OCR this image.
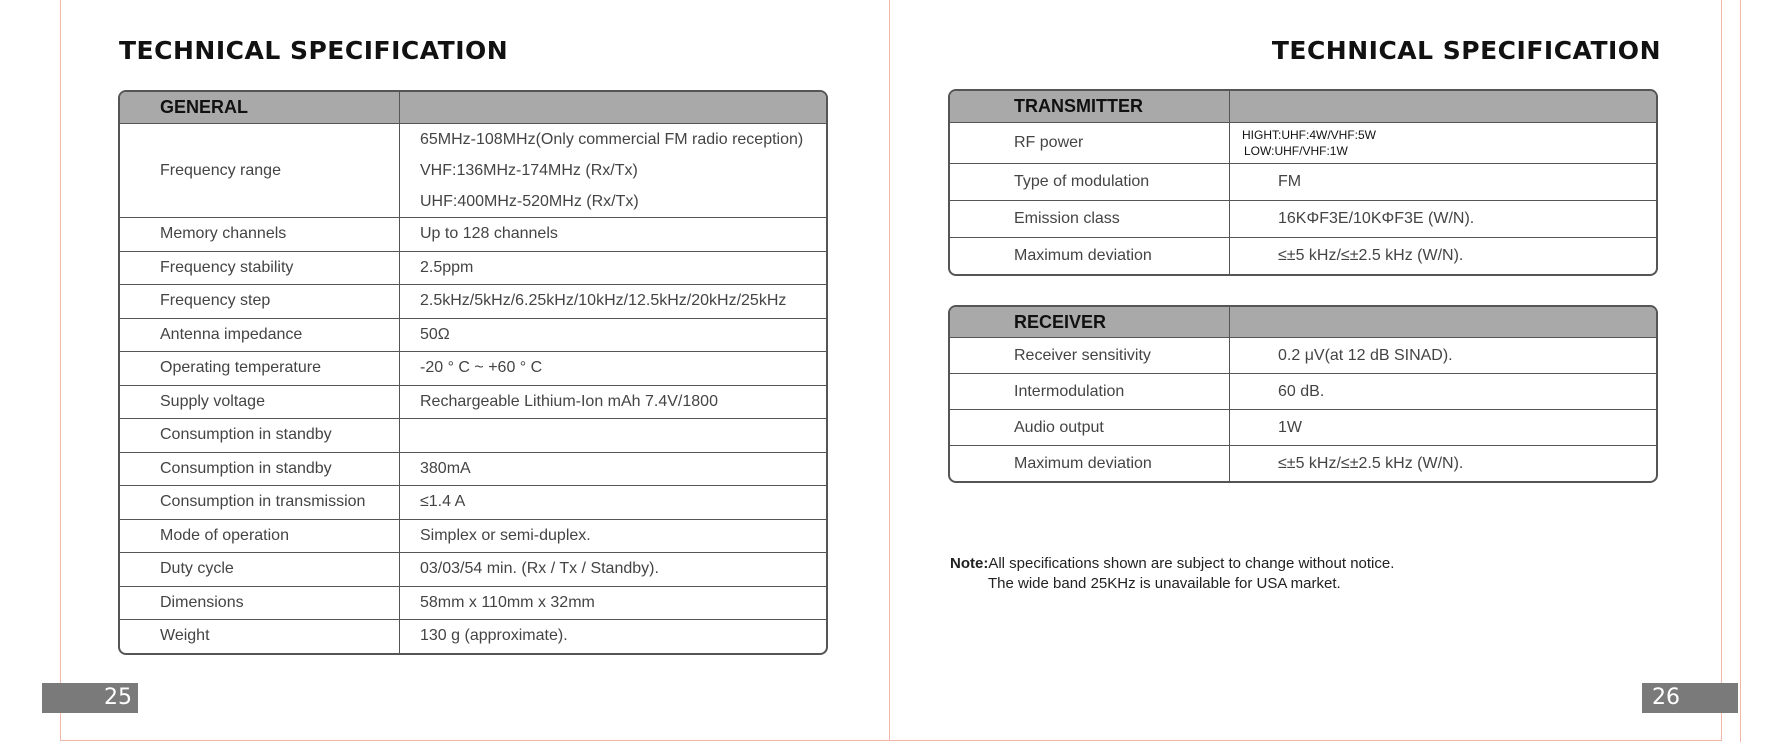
TECHNICAL SPECIFICATION
GENERAL	
Frequency range	65MHz-108MHz(Only commercial FM radio reception)
VHF:136MHz-174MHz (Rx/Tx)
UHF:400MHz-520MHz (Rx/Tx)

Memory channels	Up to 128 channels
Frequency stability	2.5ppm
Frequency step	2.5kHz/5kHz/6.25kHz/10kHz/12.5kHz/20kHz/25kHz
Antenna impedance	50Ω
Operating temperature	-20 ° C ~ +60 ° C
Supply voltage	Rechargeable Lithium-Ion mAh 7.4V/1800
Consumption in standby	
Consumption in standby	380mA
Consumption in transmission	≤1.4 A
Mode of operation	Simplex or semi-duplex.
Duty cycle	03/03/54 min. (Rx / Tx / Standby).
Dimensions	58mm x 110mm x 32mm
Weight	130 g (approximate).
25
TECHNICAL SPECIFICATION
TRANSMITTER	
RF power	HIGHT:UHF:4W/VHF:5W
LOW:UHF/VHF:1W

Type of modulation	FM
Emission class	16KΦF3E/10KΦF3E (W/N).
Maximum deviation	≤±5 kHz/≤±2.5 kHz (W/N).
RECEIVER	
Receiver sensitivity	0.2 μV(at 12 dB SINAD).
Intermodulation	60 dB.
Audio output	1W
Maximum deviation	≤±5 kHz/≤±2.5 kHz (W/N).
Note:All specifications shown are subject to change without notice.
The wide band 25KHz is unavailable for USA market.
26
